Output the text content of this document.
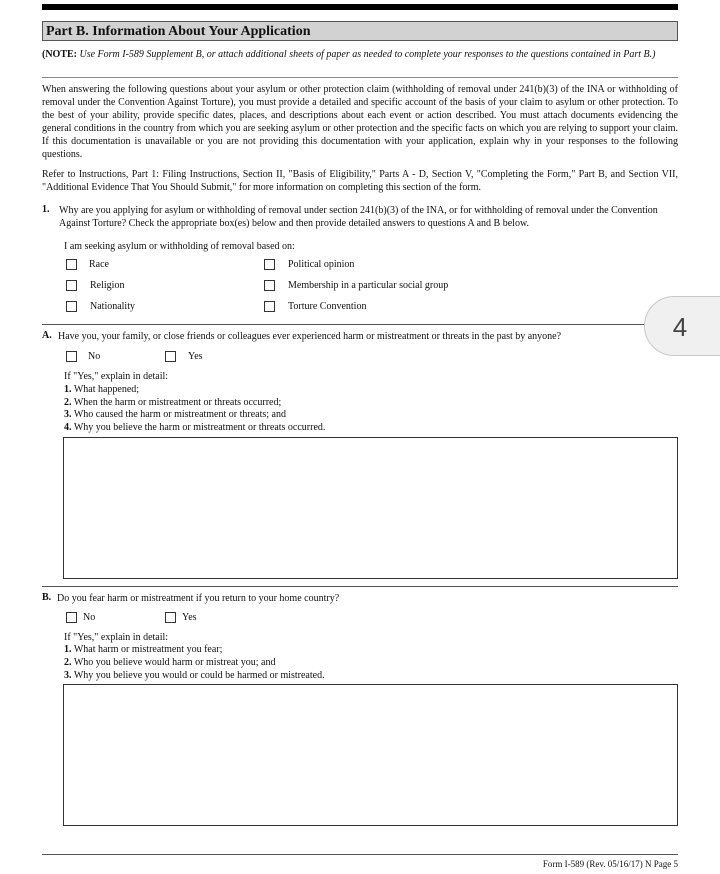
Part B. Information About Your Application
(NOTE: Use Form I-589 Supplement B, or attach additional sheets of paper as needed to complete your responses to the questions contained in Part B.)
When answering the following questions about your asylum or other protection claim (withholding of removal under 241(b)(3) of the INA or withholding of removal under the Convention Against Torture), you must provide a detailed and specific account of the basis of your claim to asylum or other protection. To the best of your ability, provide specific dates, places, and descriptions about each event or action described. You must attach documents evidencing the general conditions in the country from which you are seeking asylum or other protection and the specific facts on which you are relying to support your claim. If this documentation is unavailable or you are not providing this documentation with your application, explain why in your responses to the following questions.
Refer to Instructions, Part 1: Filing Instructions, Section II, "Basis of Eligibility," Parts A - D, Section V, "Completing the Form," Part B, and Section VII, "Additional Evidence That You Should Submit," for more information on completing this section of the form.
1. Why are you applying for asylum or withholding of removal under section 241(b)(3) of the INA, or for withholding of removal under the Convention Against Torture? Check the appropriate box(es) below and then provide detailed answers to questions A and B below.
I am seeking asylum or withholding of removal based on:
Race
Religion
Nationality
Political opinion
Membership in a particular social group
Torture Convention
4
A. Have you, your family, or close friends or colleagues ever experienced harm or mistreatment or threats in the past by anyone?
No	Yes
If "Yes," explain in detail:
1. What happened;
2. When the harm or mistreatment or threats occurred;
3. Who caused the harm or mistreatment or threats; and
4. Why you believe the harm or mistreatment or threats occurred.
B. Do you fear harm or mistreatment if you return to your home country?
No	Yes
If "Yes," explain in detail:
1. What harm or mistreatment you fear;
2. Who you believe would harm or mistreat you; and
3. Why you believe you would or could be harmed or mistreated.
Form I-589 (Rev. 05/16/17) N Page 5
